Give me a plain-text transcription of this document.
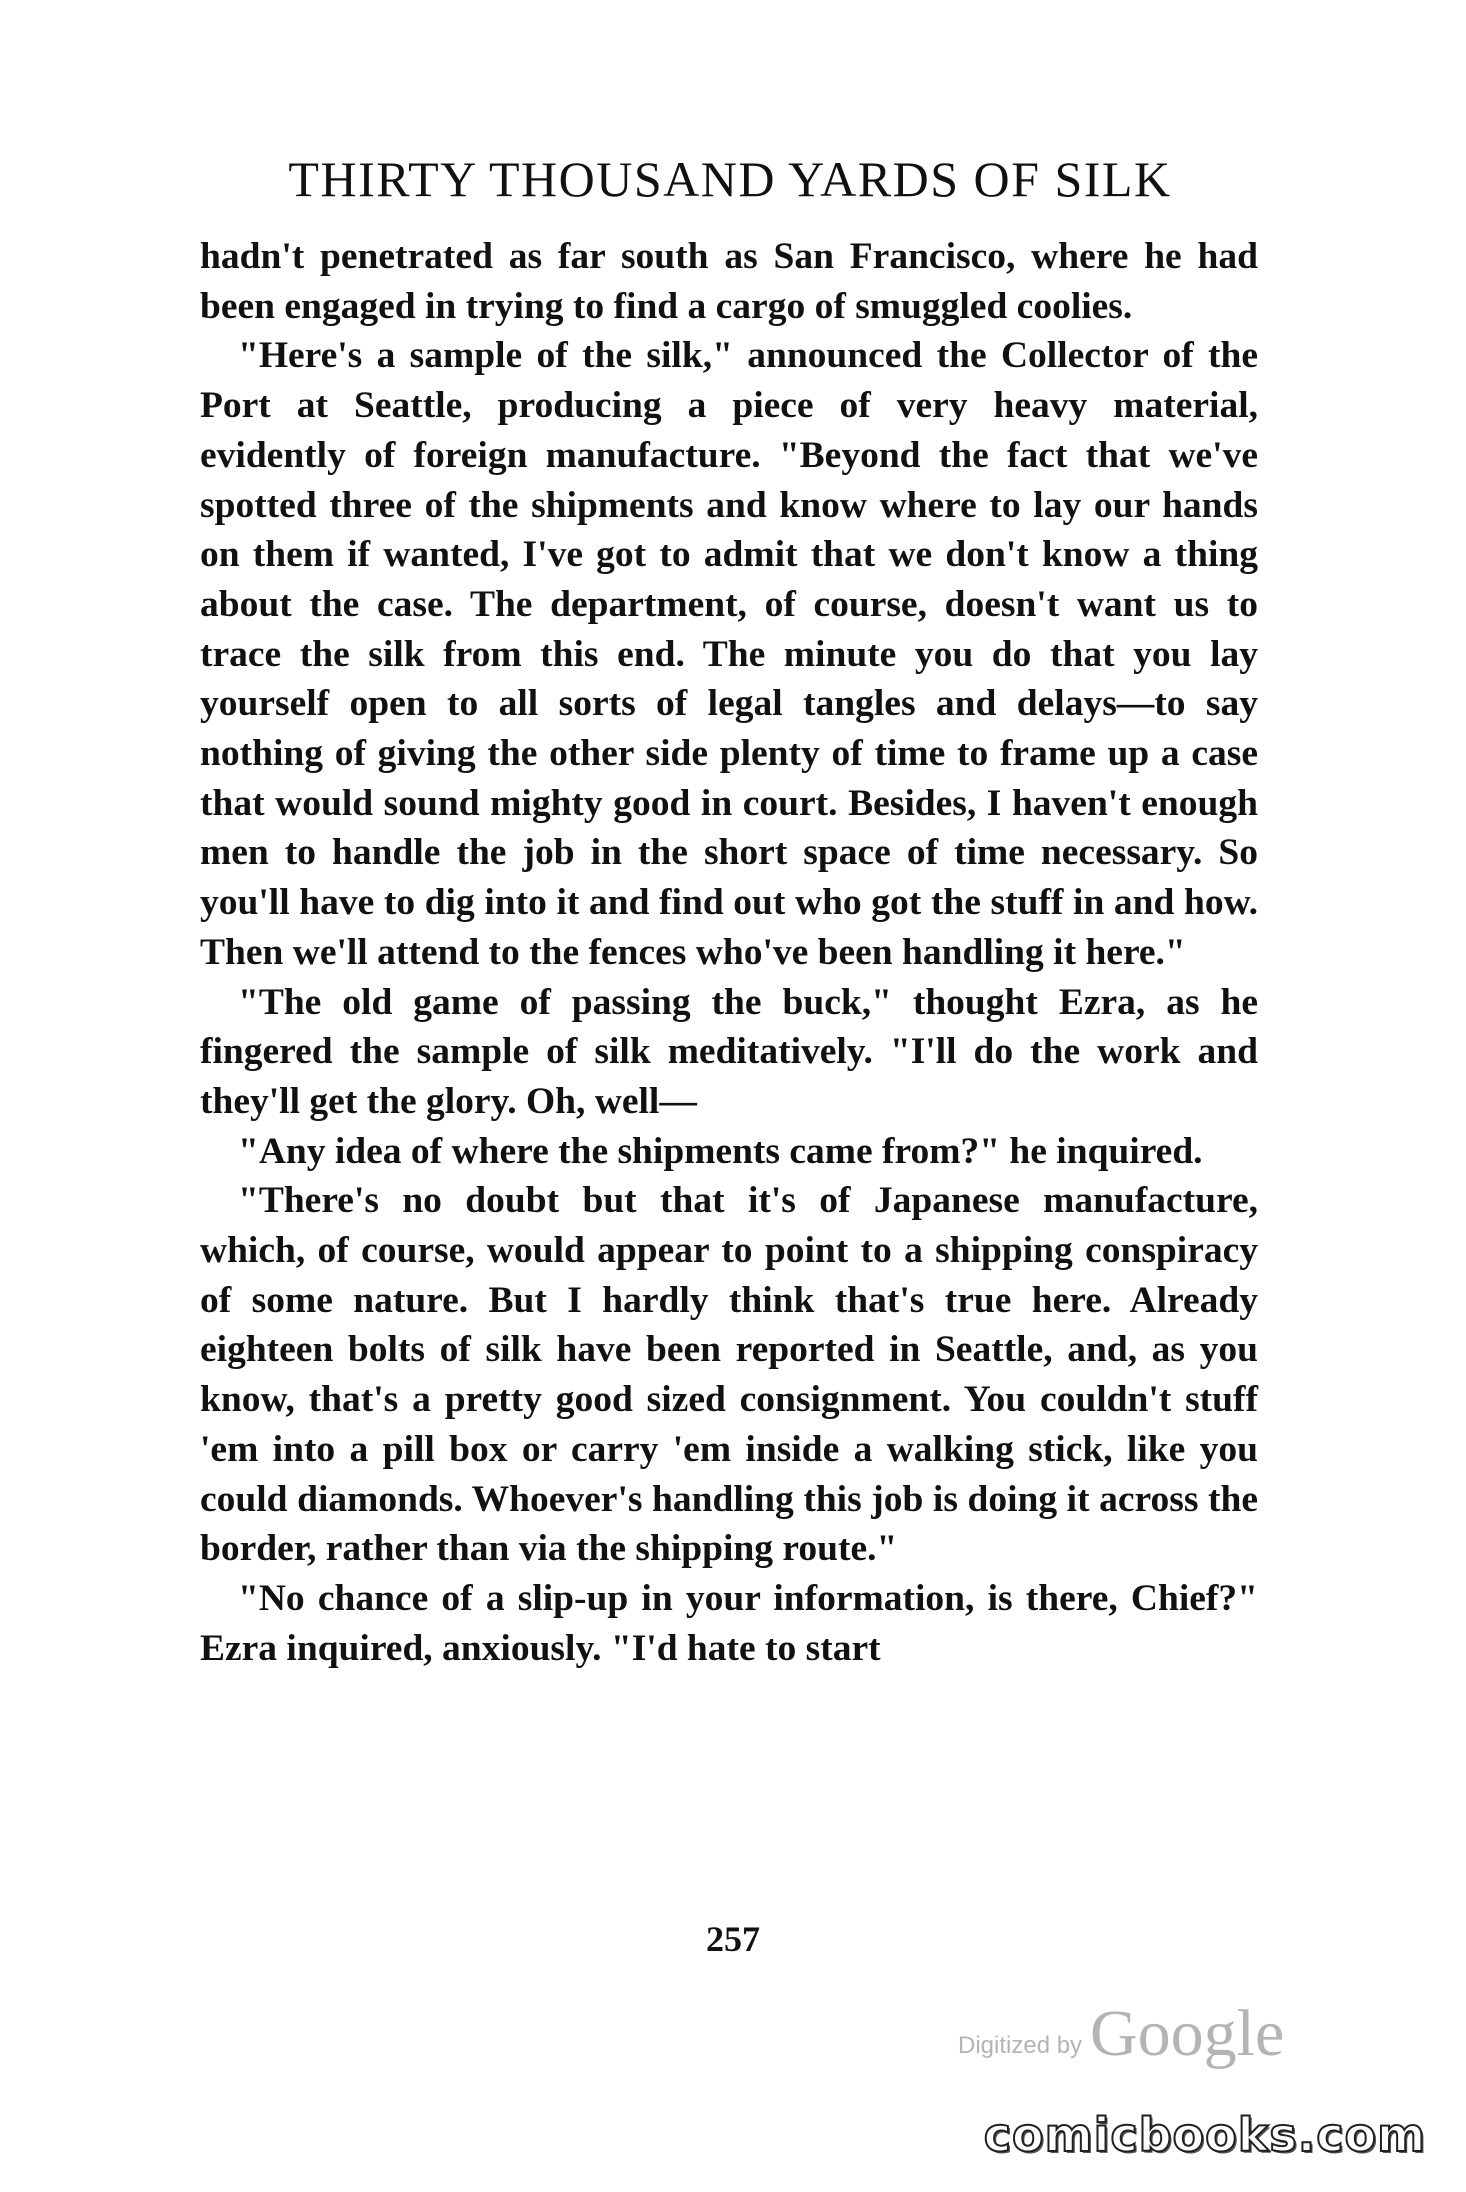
THIRTY THOUSAND YARDS OF SILK

hadn't penetrated as far south as San Francisco, where he had been engaged in trying to find a cargo of smuggled coolies.

"Here's a sample of the silk," announced the Collector of the Port at Seattle, producing a piece of very heavy material, evidently of foreign manufacture. "Beyond the fact that we've spotted three of the shipments and know where to lay our hands on them if wanted, I've got to admit that we don't know a thing about the case. The department, of course, doesn't want us to trace the silk from this end. The minute you do that you lay yourself open to all sorts of legal tangles and delays—to say nothing of giving the other side plenty of time to frame up a case that would sound mighty good in court. Besides, I haven't enough men to handle the job in the short space of time necessary. So you'll have to dig into it and find out who got the stuff in and how. Then we'll attend to the fences who've been handling it here."

"The old game of passing the buck," thought Ezra, as he fingered the sample of silk meditatively. "I'll do the work and they'll get the glory. Oh, well—

"Any idea of where the shipments came from?" he inquired.

"There's no doubt but that it's of Japanese manufacture, which, of course, would appear to point to a shipping conspiracy of some nature. But I hardly think that's true here. Already eighteen bolts of silk have been reported in Seattle, and, as you know, that's a pretty good sized consignment. You couldn't stuff 'em into a pill box or carry 'em inside a walking stick, like you could diamonds. Whoever's handling this job is doing it across the border, rather than via the shipping route."

"No chance of a slip-up in your information, is there, Chief?" Ezra inquired, anxiously. "I'd hate to start

257
Digitized by Google
comicbooks.com
